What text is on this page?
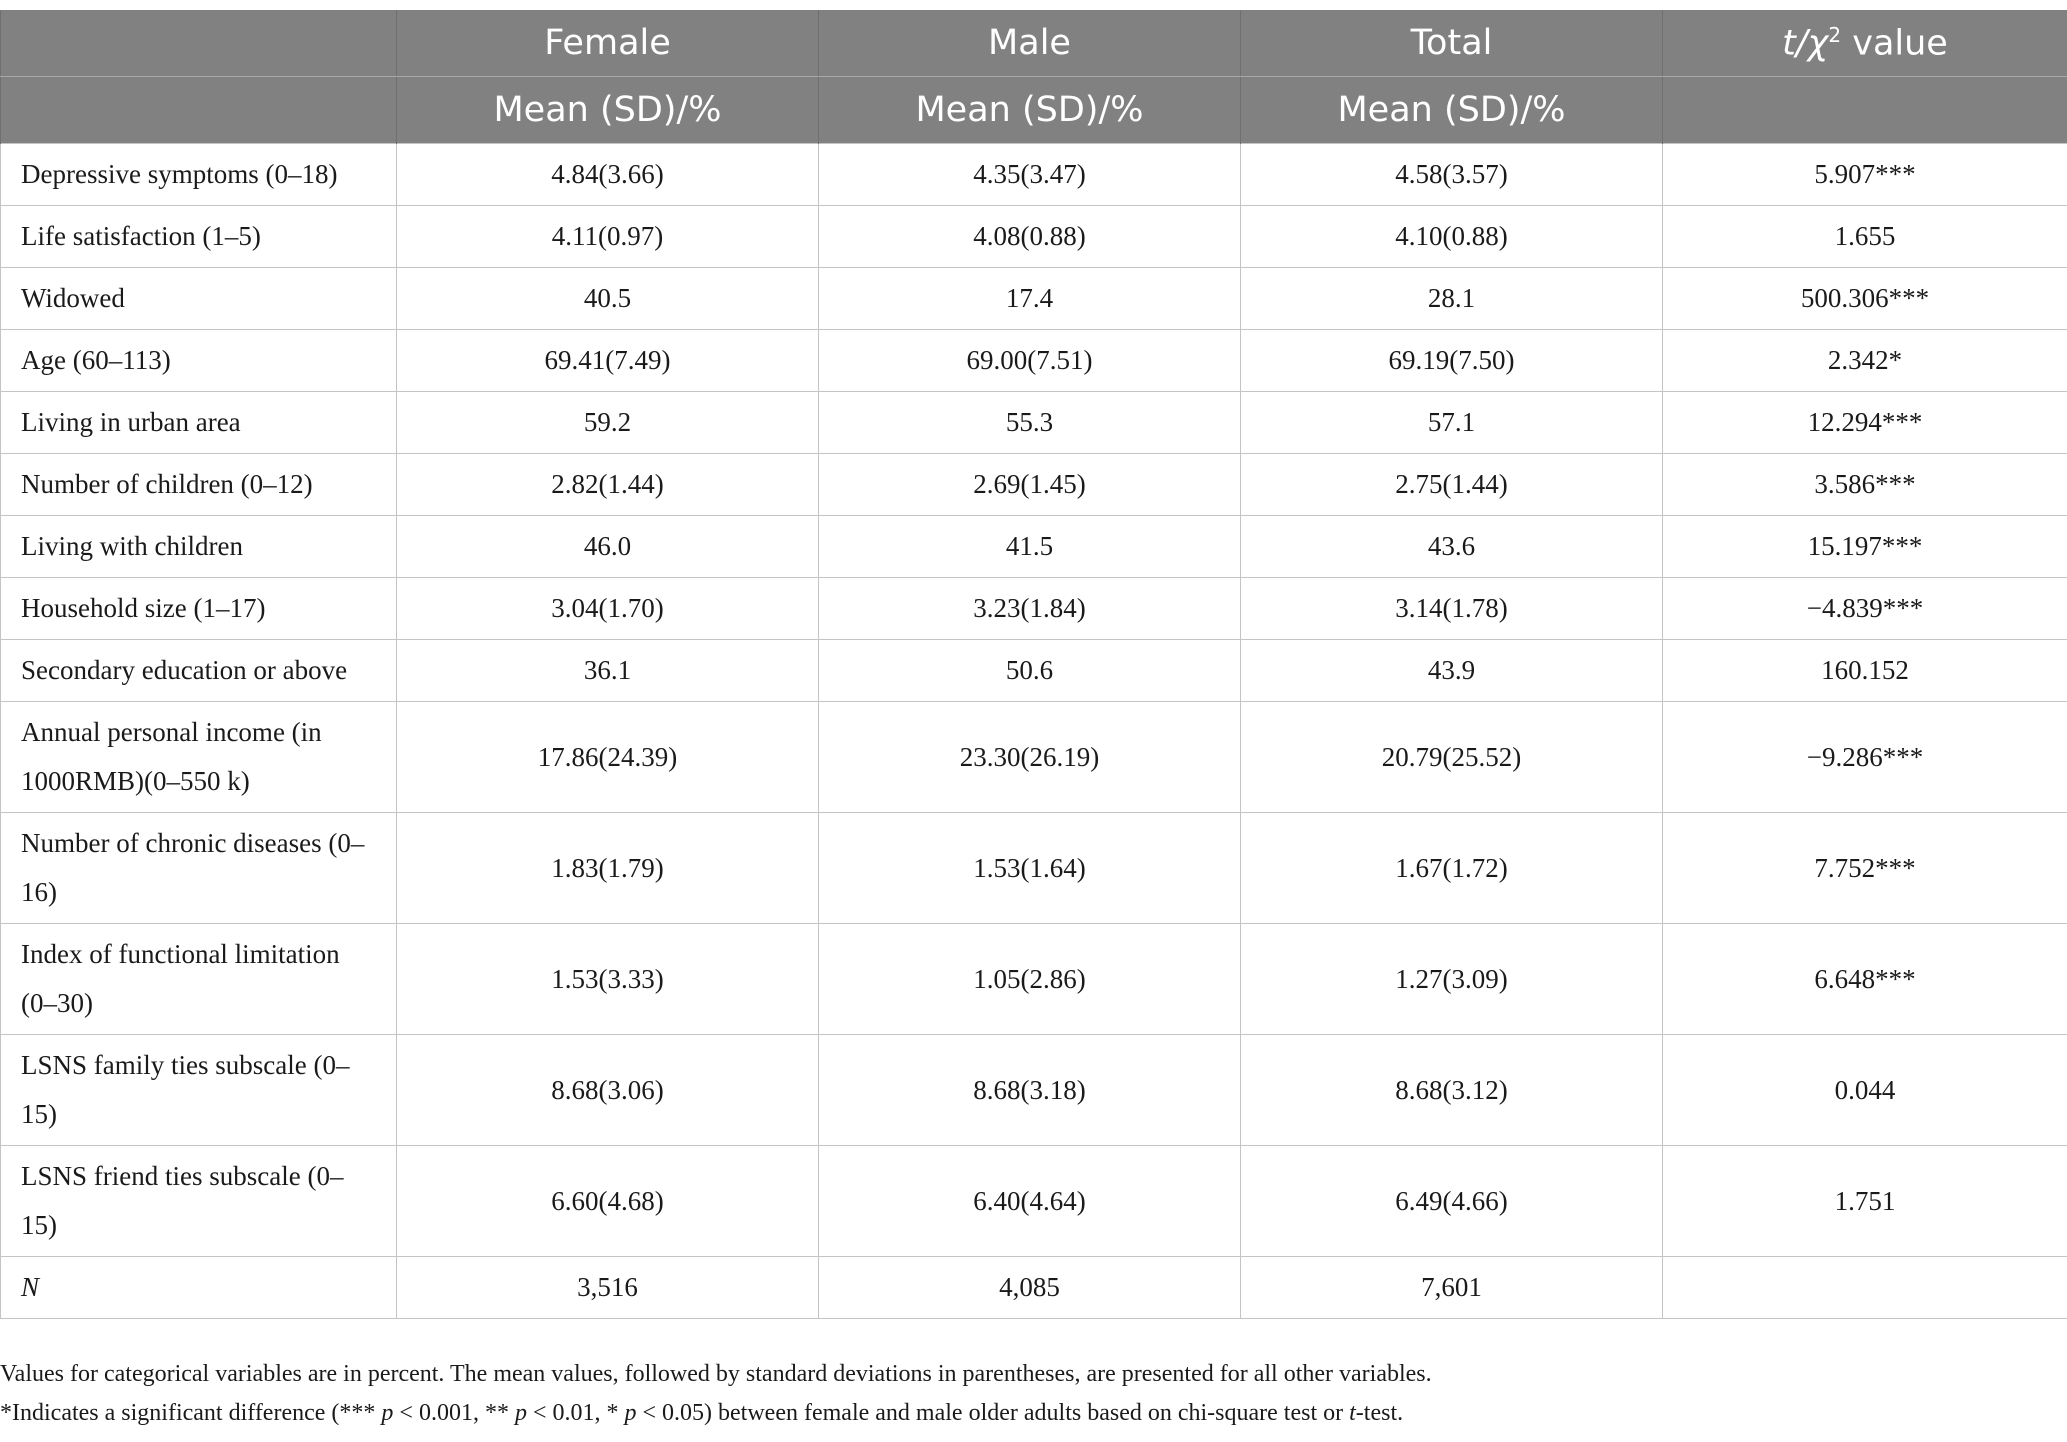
	Female	Male	Total	$t/\chi^2$ value
	Mean (SD)/%	Mean (SD)/%	Mean (SD)/%	
Depressive symptoms (0–18)	4.84(3.66)	4.35(3.47)	4.58(3.57)	5.907***
Life satisfaction (1–5)	4.11(0.97)	4.08(0.88)	4.10(0.88)	1.655
Widowed	40.5	17.4	28.1	500.306***
Age (60–113)	69.41(7.49)	69.00(7.51)	69.19(7.50)	2.342*
Living in urban area	59.2	55.3	57.1	12.294***
Number of children (0–12)	2.82(1.44)	2.69(1.45)	2.75(1.44)	3.586***
Living with children	46.0	41.5	43.6	15.197***
Household size (1–17)	3.04(1.70)	3.23(1.84)	3.14(1.78)	−4.839***
Secondary education or above	36.1	50.6	43.9	160.152
Annual personal income (in 1000RMB)(0–550 k)	17.86(24.39)	23.30(26.19)	20.79(25.52)	−9.286***
Number of chronic diseases (0–16)	1.83(1.79)	1.53(1.64)	1.67(1.72)	7.752***
Index of functional limitation (0–30)	1.53(3.33)	1.05(2.86)	1.27(3.09)	6.648***
LSNS family ties subscale (0–15)	8.68(3.06)	8.68(3.18)	8.68(3.12)	0.044
LSNS friend ties subscale (0–15)	6.60(4.68)	6.40(4.64)	6.49(4.66)	1.751
N	3,516	4,085	7,601	

Values for categorical variables are in percent. The mean values, followed by standard deviations in parentheses, are presented for all other variables.

*Indicates a significant difference (*** p < 0.001, ** p < 0.01, * p < 0.05) between female and male older adults based on chi-square test or t-test.
